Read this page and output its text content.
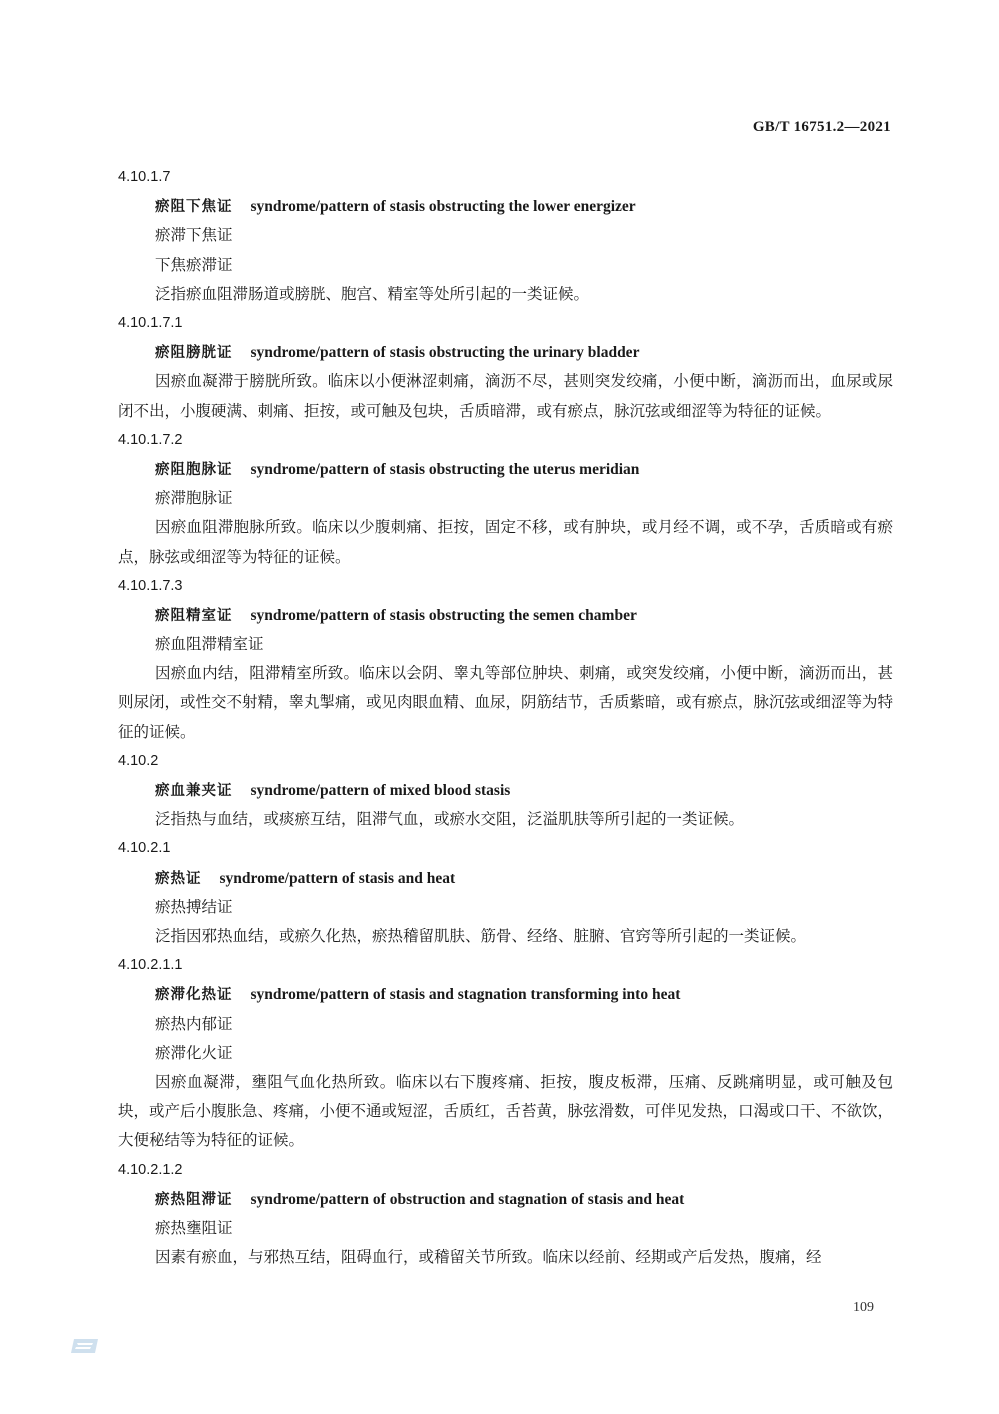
GB/T 16751.2—2021
4.10.1.7
瘀阻下焦证 syndrome/pattern of stasis obstructing the lower energizer
瘀滞下焦证
下焦瘀滞证
泛指瘀血阻滞肠道或膀胱、胞宫、精室等处所引起的一类证候。
4.10.1.7.1
瘀阻膀胱证 syndrome/pattern of stasis obstructing the urinary bladder
因瘀血凝滞于膀胱所致。临床以小便淋涩刺痛，滴沥不尽，甚则突发绞痛，小便中断，滴沥而出，血尿或尿闭不出，小腹硬满、刺痛、拒按，或可触及包块，舌质暗滞，或有瘀点，脉沉弦或细涩等为特征的证候。
4.10.1.7.2
瘀阻胞脉证 syndrome/pattern of stasis obstructing the uterus meridian
瘀滞胞脉证
因瘀血阻滞胞脉所致。临床以少腹刺痛、拒按，固定不移，或有肿块，或月经不调，或不孕，舌质暗或有瘀点，脉弦或细涩等为特征的证候。
4.10.1.7.3
瘀阻精室证 syndrome/pattern of stasis obstructing the semen chamber
瘀血阻滞精室证
因瘀血内结，阻滞精室所致。临床以会阴、睾丸等部位肿块、刺痛，或突发绞痛，小便中断，滴沥而出，甚则尿闭，或性交不射精，睾丸掣痛，或见肉眼血精、血尿，阴筋结节，舌质紫暗，或有瘀点，脉沉弦或细涩等为特征的证候。
4.10.2
瘀血兼夹证 syndrome/pattern of mixed blood stasis
泛指热与血结，或痰瘀互结，阻滞气血，或瘀水交阻，泛溢肌肤等所引起的一类证候。
4.10.2.1
瘀热证 syndrome/pattern of stasis and heat
瘀热搏结证
泛指因邪热血结，或瘀久化热，瘀热稽留肌肤、筋骨、经络、脏腑、官窍等所引起的一类证候。
4.10.2.1.1
瘀滞化热证 syndrome/pattern of stasis and stagnation transforming into heat
瘀热内郁证
瘀滞化火证
因瘀血凝滞，壅阻气血化热所致。临床以右下腹疼痛、拒按，腹皮板滞，压痛、反跳痛明显，或可触及包块，或产后小腹胀急、疼痛，小便不通或短涩，舌质红，舌苔黄，脉弦滑数，可伴见发热，口渴或口干、不欲饮，大便秘结等为特征的证候。
4.10.2.1.2
瘀热阻滞证 syndrome/pattern of obstruction and stagnation of stasis and heat
瘀热壅阻证
因素有瘀血，与邪热互结，阻碍血行，或稽留关节所致。临床以经前、经期或产后发热，腹痛，经
109
